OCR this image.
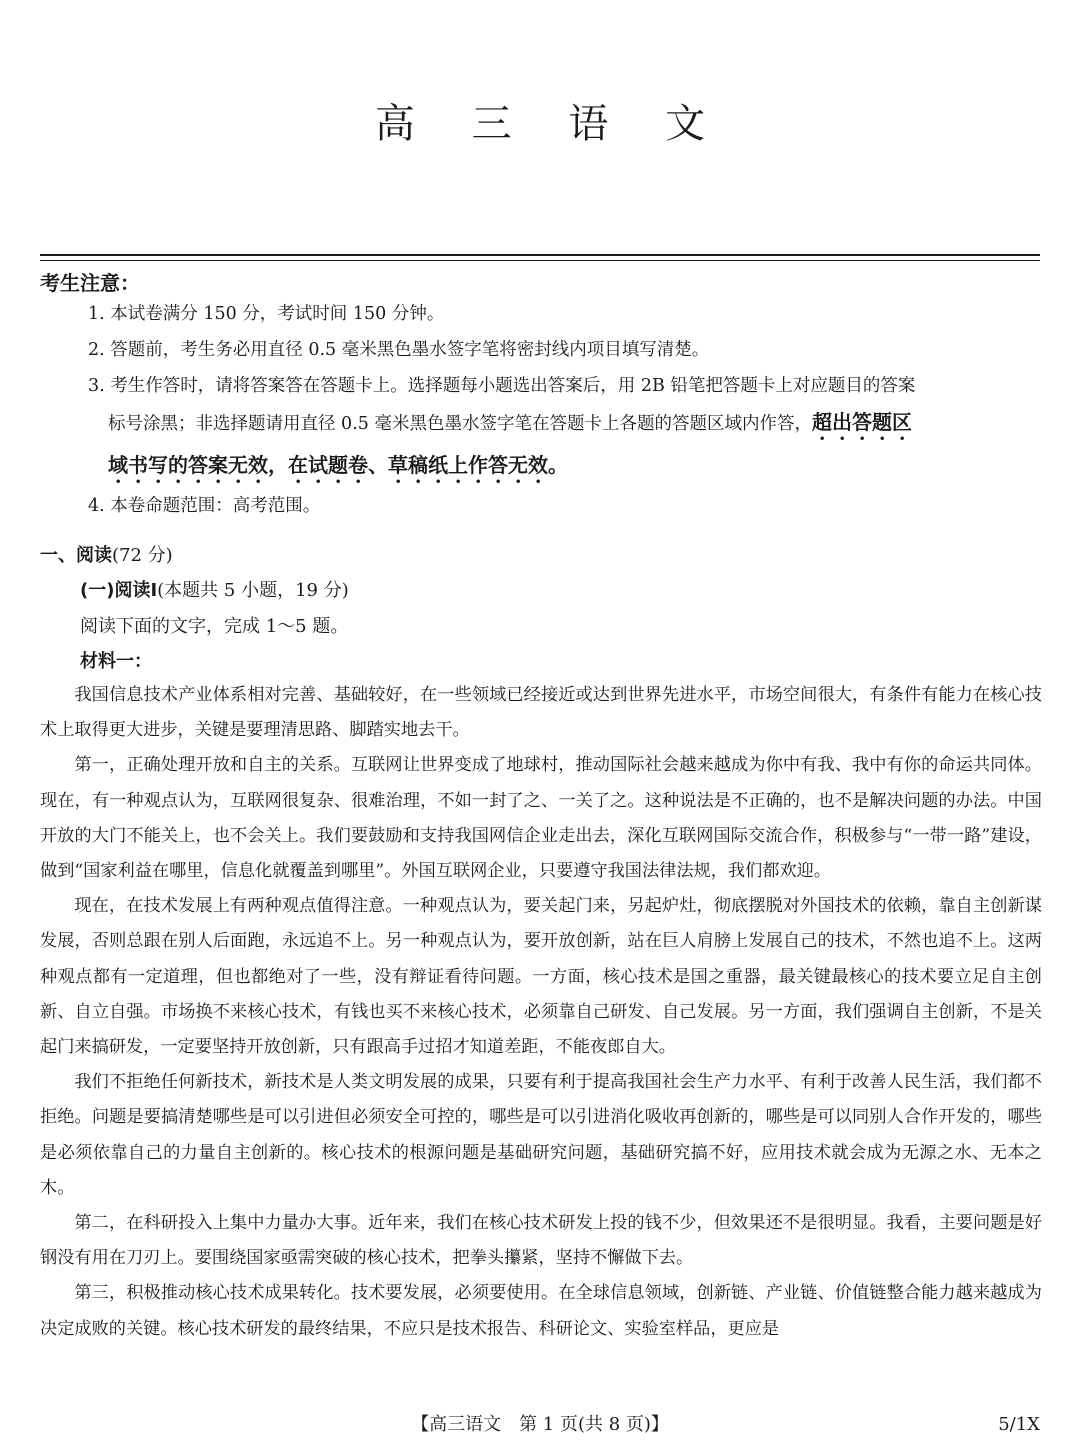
高 三 语 文
考生注意：
1. 本试卷满分 150 分，考试时间 150 分钟。
2. 答题前，考生务必用直径 0.5 毫米黑色墨水签字笔将密封线内项目填写清楚。
3. 考生作答时，请将答案答在答题卡上。选择题每小题选出答案后，用 2B 铅笔把答题卡上对应题目的答案
标号涂黑；非选择题请用直径 0.5 毫米黑色墨水签字笔在答题卡上各题的答题区域内作答，超出答题区
域书写的答案无效，在试题卷、草稿纸上作答无效。
4. 本卷命题范围：高考范围。
一、阅读(72 分)
(一)阅读Ⅰ(本题共 5 小题，19 分)
阅读下面的文字，完成 1～5 题。
材料一：

我国信息技术产业体系相对完善、基础较好，在一些领域已经接近或达到世界先进水平，市场空间很大，有条件有能力在核心技术上取得更大进步，关键是要理清思路、脚踏实地去干。

第一，正确处理开放和自主的关系。互联网让世界变成了地球村，推动国际社会越来越成为你中有我、我中有你的命运共同体。现在，有一种观点认为，互联网很复杂、很难治理，不如一封了之、一关了之。这种说法是不正确的，也不是解决问题的办法。中国开放的大门不能关上，也不会关上。我们要鼓励和支持我国网信企业走出去，深化互联网国际交流合作，积极参与“一带一路”建设，做到“国家利益在哪里，信息化就覆盖到哪里”。外国互联网企业，只要遵守我国法律法规，我们都欢迎。

现在，在技术发展上有两种观点值得注意。一种观点认为，要关起门来，另起炉灶，彻底摆脱对外国技术的依赖，靠自主创新谋发展，否则总跟在别人后面跑，永远追不上。另一种观点认为，要开放创新，站在巨人肩膀上发展自己的技术，不然也追不上。这两种观点都有一定道理，但也都绝对了一些，没有辩证看待问题。一方面，核心技术是国之重器，最关键最核心的技术要立足自主创新、自立自强。市场换不来核心技术，有钱也买不来核心技术，必须靠自己研发、自己发展。另一方面，我们强调自主创新，不是关起门来搞研发，一定要坚持开放创新，只有跟高手过招才知道差距，不能夜郎自大。

我们不拒绝任何新技术，新技术是人类文明发展的成果，只要有利于提高我国社会生产力水平、有利于改善人民生活，我们都不拒绝。问题是要搞清楚哪些是可以引进但必须安全可控的，哪些是可以引进消化吸收再创新的，哪些是可以同别人合作开发的，哪些是必须依靠自己的力量自主创新的。核心技术的根源问题是基础研究问题，基础研究搞不好，应用技术就会成为无源之水、无本之木。

第二，在科研投入上集中力量办大事。近年来，我们在核心技术研发上投的钱不少，但效果还不是很明显。我看，主要问题是好钢没有用在刀刃上。要围绕国家亟需突破的核心技术，把拳头攥紧，坚持不懈做下去。

第三，积极推动核心技术成果转化。技术要发展，必须要使用。在全球信息领域，创新链、产业链、价值链整合能力越来越成为决定成败的关键。核心技术研发的最终结果，不应只是技术报告、科研论文、实验室样品，更应是

【高三语文　第 1 页(共 8 页)】	5/1X
